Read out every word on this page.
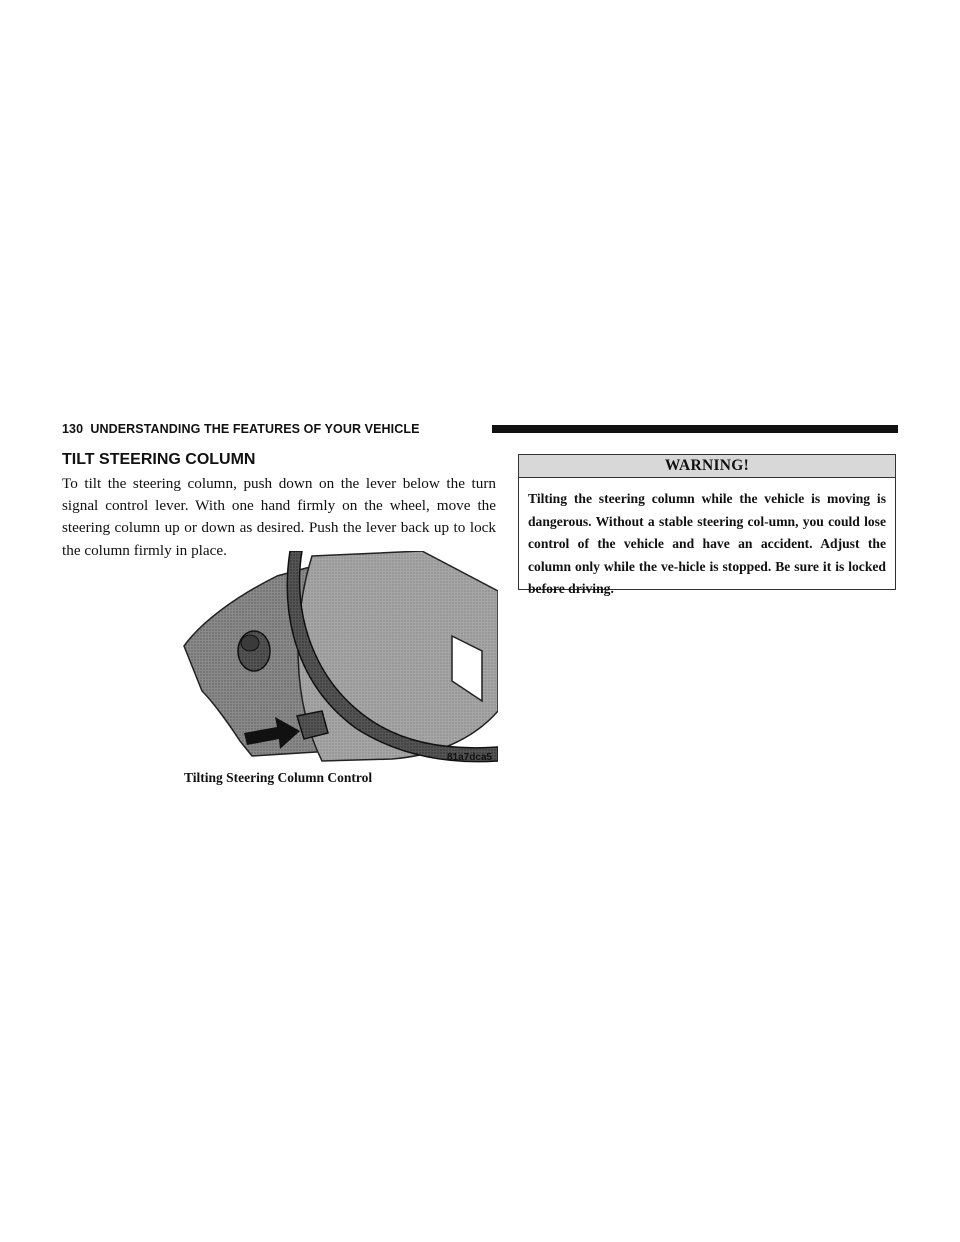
130 UNDERSTANDING THE FEATURES OF YOUR VEHICLE
TILT STEERING COLUMN
To tilt the steering column, push down on the lever below the turn signal control lever. With one hand firmly on the wheel, move the steering column up or down as desired. Push the lever back up to lock the column firmly in place.
81a7dca5
Tilting Steering Column Control
WARNING!
Tilting the steering column while the vehicle is moving is dangerous. Without a stable steering col-umn, you could lose control of the vehicle and have an accident. Adjust the column only while the ve-hicle is stopped. Be sure it is locked before driving.
